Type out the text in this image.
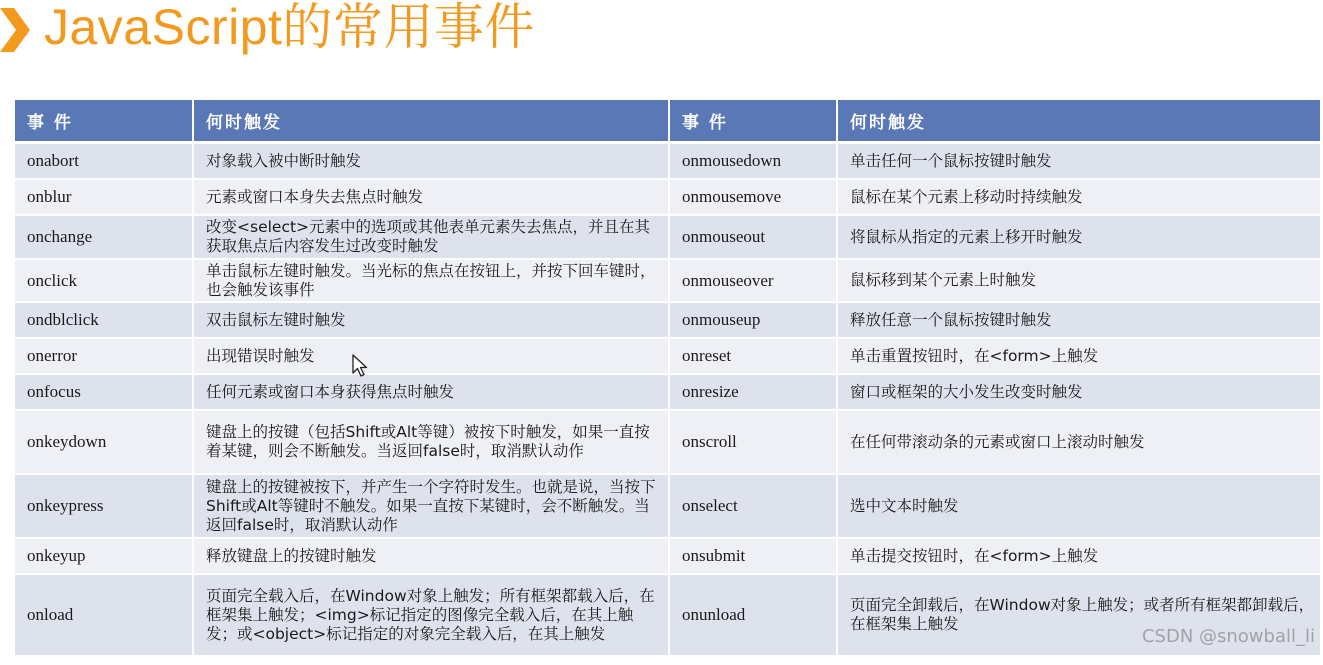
JavaScript的常用事件
事 件	何时触发	事 件	何时触发
onabort	对象载入被中断时触发	onmousedown	单击任何一个鼠标按键时触发
onblur	元素或窗口本身失去焦点时触发	onmousemove	鼠标在某个元素上移动时持续触发
onchange	改变<select>元素中的选项或其他表单元素失去焦点，并且在其获取焦点后内容发生过改变时触发	onmouseout	将鼠标从指定的元素上移开时触发
onclick	单击鼠标左键时触发。当光标的焦点在按钮上，并按下回车键时，也会触发该事件	onmouseover	鼠标移到某个元素上时触发
ondblclick	双击鼠标左键时触发	onmouseup	释放任意一个鼠标按键时触发
onerror	出现错误时触发	onreset	单击重置按钮时，在<form>上触发
onfocus	任何元素或窗口本身获得焦点时触发	onresize	窗口或框架的大小发生改变时触发
onkeydown	键盘上的按键（包括Shift或Alt等键）被按下时触发，如果一直按着某键，则会不断触发。当返回false时，取消默认动作	onscroll	在任何带滚动条的元素或窗口上滚动时触发
onkeypress	键盘上的按键被按下，并产生一个字符时发生。也就是说，当按下Shift或Alt等键时不触发。如果一直按下某键时，会不断触发。当返回false时，取消默认动作	onselect	选中文本时触发
onkeyup	释放键盘上的按键时触发	onsubmit	单击提交按钮时，在<form>上触发
onload	页面完全载入后，在Window对象上触发；所有框架都载入后，在框架集上触发；<img>标记指定的图像完全载入后，在其上触发；或<object>标记指定的对象完全载入后，在其上触发	onunload	页面完全卸载后，在Window对象上触发；或者所有框架都卸载后，在框架集上触发
CSDN @snowball_li
